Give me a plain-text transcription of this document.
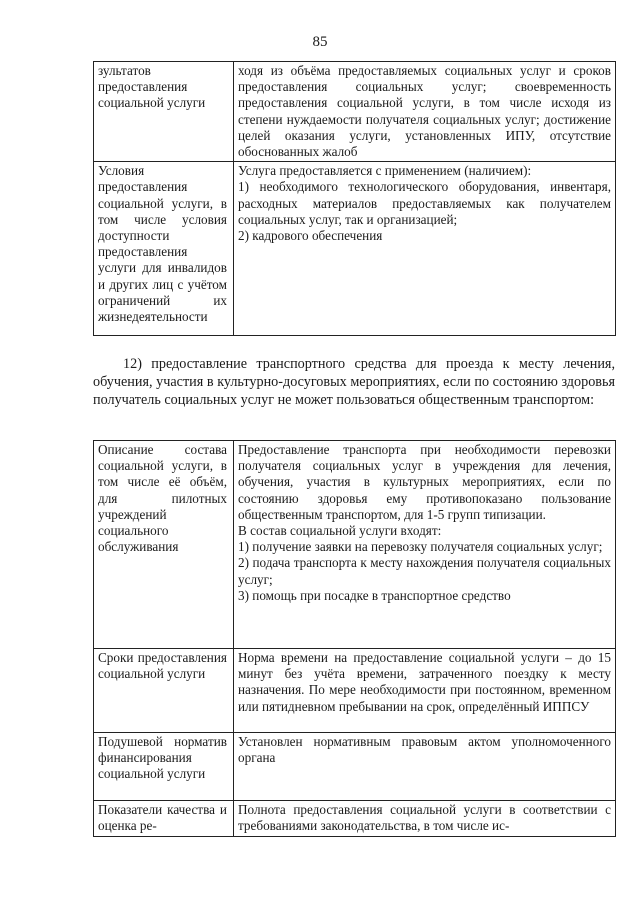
85
зультатов предоставления социальной услуги	ходя из объёма предоставляемых социальных услуг и сроков предоставления социальных услуг; своевременность предоставления социальной услуги, в том числе исходя из степени нуждаемости получателя социальных услуг; достижение целей оказания услуги, установленных ИПУ, отсутствие обоснованных жалоб

Условия предоставления социальной услуги, в том числе условия доступности предоставления услуги для инвалидов и других лиц с учётом ограничений их жизнедеятельности	Услуга предоставляется с применением (наличием):
1) необходимого технологического оборудования, инвентаря, расходных материалов предоставляемых как получателем социальных услуг, так и организацией;
2) кадрового обеспечения
12) предоставление транспортного средства для проезда к месту лечения, обучения, участия в культурно-досуговых мероприятиях, если по состоянию здоровья получатель социальных услуг не может пользоваться общественным транспортом:
Описание состава социальной услуги, в том числе её объём, для пилотных учреждений социального обслуживания	Предоставление транспорта при необходимости перевозки получателя социальных услуг в учреждения для лечения, обучения, участия в культурных мероприятиях, если по состоянию здоровья ему противопоказано пользование общественным транспортом, для 1-5 групп типизации.
В состав социальной услуги входят:
1) получение заявки на перевозку получателя социальных услуг;
2) подача транспорта к месту нахождения получателя социальных услуг;
3) помощь при посадке в транспортное средство

Сроки предоставления социальной услуги	Норма времени на предоставление социальной услуги – до 15 минут без учёта времени, затраченного поездку к месту назначения. По мере необходимости при постоянном, временном или пятидневном пребывании на срок, определённый ИППСУ

Подушевой норматив финансирования социальной услуги	Установлен нормативным правовым актом уполномоченного органа

Показатели качества и оценка ре-	Полнота предоставления социальной услуги в соответствии с требованиями законодательства, в том числе ис-
